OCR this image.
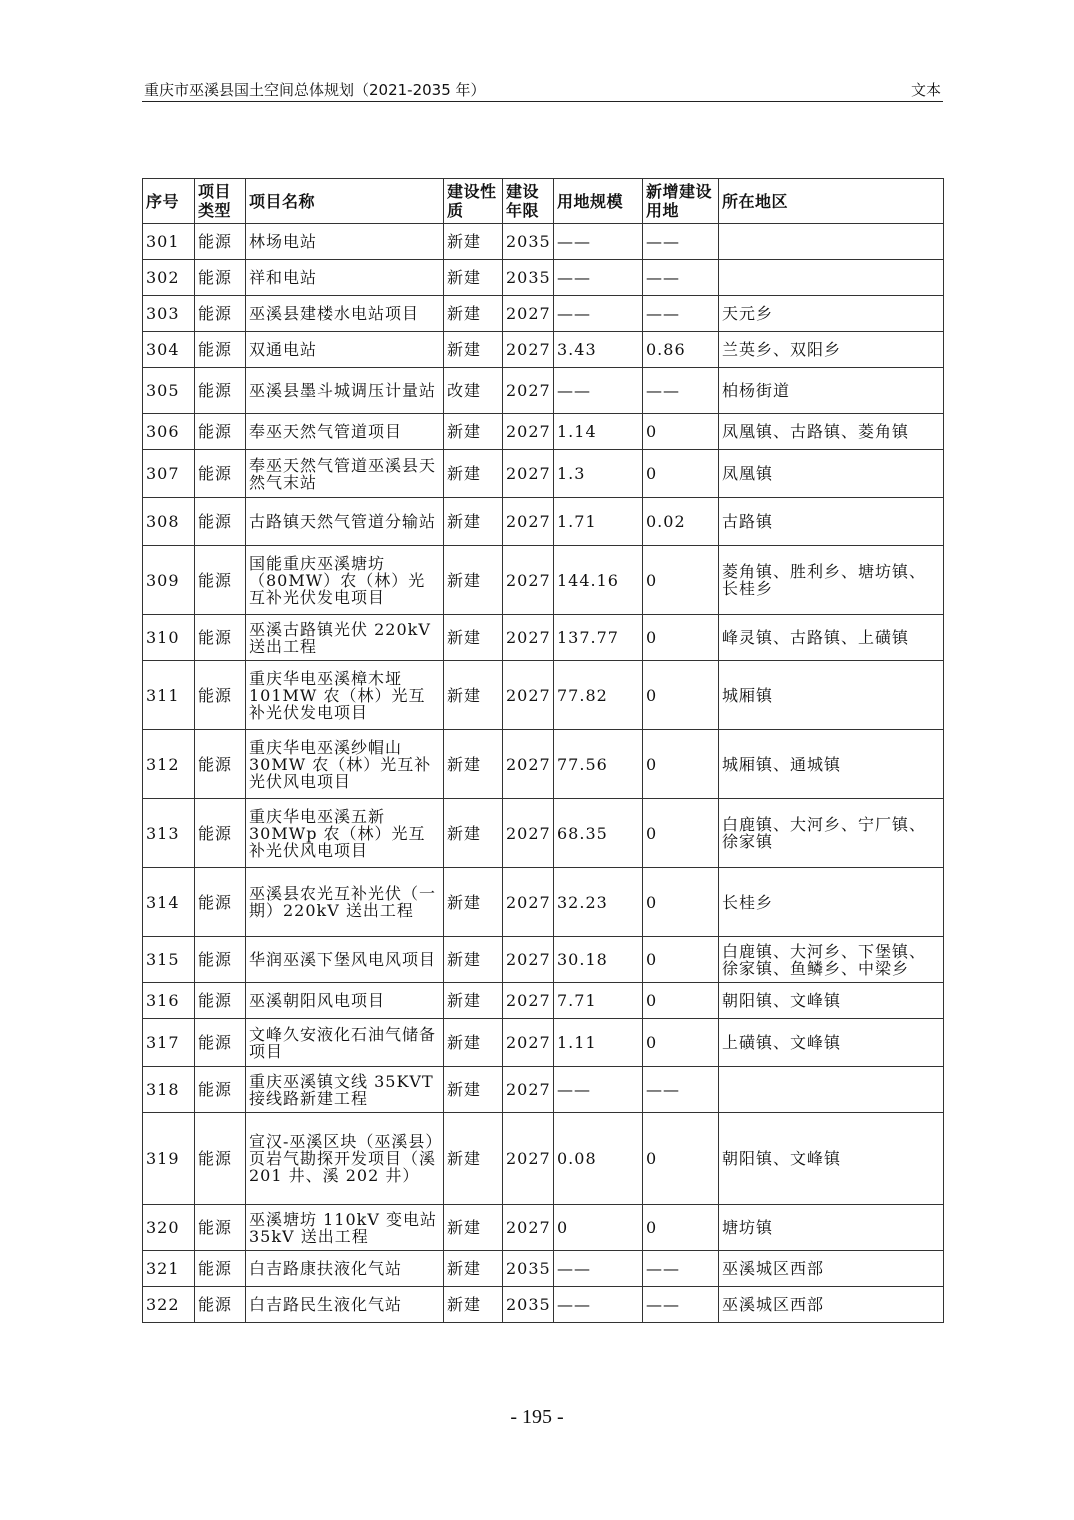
重庆市巫溪县国土空间总体规划（2021-2035 年）	文本
序号	项目类型	项目名称	建设性质	建设年限	用地规模	新增建设用地	所在地区
301	能源	林场电站	新建	2035	——	——	
302	能源	祥和电站	新建	2035	——	——	
303	能源	巫溪县建楼水电站项目	新建	2027	——	——	天元乡
304	能源	双通电站	新建	2027	3.43	0.86	兰英乡、双阳乡
305	能源	巫溪县墨斗城调压计量站	改建	2027	——	——	柏杨街道
306	能源	奉巫天然气管道项目	新建	2027	1.14	0	凤凰镇、古路镇、菱角镇
307	能源	奉巫天然气管道巫溪县天然气末站	新建	2027	1.3	0	凤凰镇
308	能源	古路镇天然气管道分输站	新建	2027	1.71	0.02	古路镇
309	能源	国能重庆巫溪塘坊（80MW）农（林）光互补光伏发电项目	新建	2027	144.16	0	菱角镇、胜利乡、塘坊镇、长桂乡
310	能源	巫溪古路镇光伏 220kV 送出工程	新建	2027	137.77	0	峰灵镇、古路镇、上磺镇
311	能源	重庆华电巫溪樟木垭101MW 农（林）光互补光伏发电项目	新建	2027	77.82	0	城厢镇
312	能源	重庆华电巫溪纱帽山30MW 农（林）光互补光伏风电项目	新建	2027	77.56	0	城厢镇、通城镇
313	能源	重庆华电巫溪五新30MWp 农（林）光互补光伏风电项目	新建	2027	68.35	0	白鹿镇、大河乡、宁厂镇、徐家镇
314	能源	巫溪县农光互补光伏（一期）220kV 送出工程	新建	2027	32.23	0	长桂乡
315	能源	华润巫溪下堡风电风项目	新建	2027	30.18	0	白鹿镇、大河乡、下堡镇、徐家镇、鱼鳞乡、中梁乡
316	能源	巫溪朝阳风电项目	新建	2027	7.71	0	朝阳镇、文峰镇
317	能源	文峰久安液化石油气储备项目	新建	2027	1.11	0	上磺镇、文峰镇
318	能源	重庆巫溪镇文线 35KVT 接线路新建工程	新建	2027	——	——	
319	能源	宣汉-巫溪区块（巫溪县）页岩气勘探开发项目（溪 201 井、溪 202 井）	新建	2027	0.08	0	朝阳镇、文峰镇
320	能源	巫溪塘坊 110kV 变电站 35kV 送出工程	新建	2027	0	0	塘坊镇
321	能源	白吉路康扶液化气站	新建	2035	——	——	巫溪城区西部
322	能源	白吉路民生液化气站	新建	2035	——	——	巫溪城区西部
- 195 -
